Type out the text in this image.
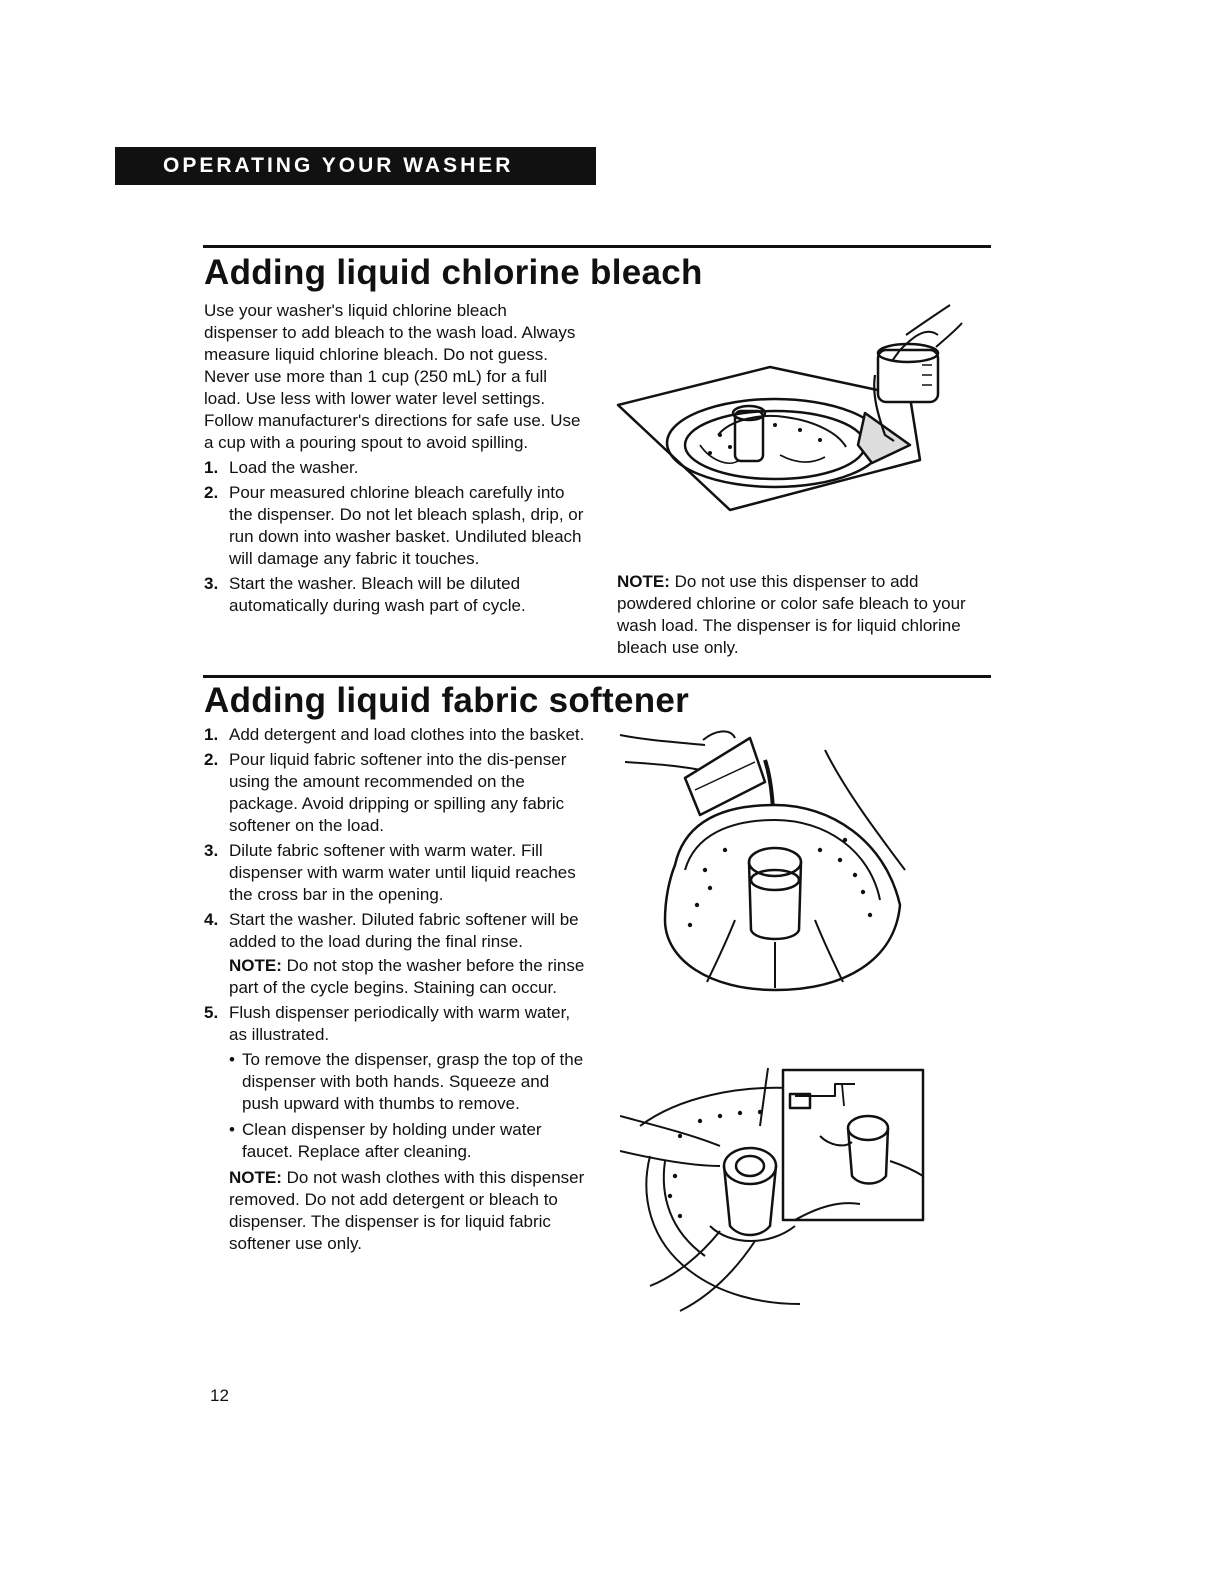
OPERATING YOUR WASHER
Adding liquid chlorine bleach

Use your washer's liquid chlorine bleach dispenser to add bleach to the wash load. Always measure liquid chlorine bleach. Do not guess. Never use more than 1 cup (250 mL) for a full load. Use less with lower water level settings. Follow manufacturer's directions for safe use. Use a cup with a pouring spout to avoid spilling.

1. Load the washer.
2. Pour measured chlorine bleach carefully into the dispenser. Do not let bleach splash, drip, or run down into washer basket. Undiluted bleach will damage any fabric it touches.
3. Start the washer. Bleach will be diluted automatically during wash part of cycle.

NOTE: Do not use this dispenser to add powdered chlorine or color safe bleach to your wash load. The dispenser is for liquid chlorine bleach use only.

Adding liquid fabric softener
1. Add detergent and load clothes into the basket.
2. Pour liquid fabric softener into the dis-penser using the amount recommended on the package. Avoid dripping or spilling any fabric softener on the load.
3. Dilute fabric softener with warm water. Fill dispenser with warm water until liquid reaches the cross bar in the opening.
4. Start the washer. Diluted fabric softener will be added to the load during the final rinse.
NOTE: Do not stop the washer before the rinse part of the cycle begins. Staining can occur.
5. Flush dispenser periodically with warm water, as illustrated.
• To remove the dispenser, grasp the top of the dispenser with both hands. Squeeze and push upward with thumbs to remove.
• Clean dispenser by holding under water faucet. Replace after cleaning.

NOTE: Do not wash clothes with this dispenser removed. Do not add detergent or bleach to dispenser. The dispenser is for liquid fabric softener use only.

12
